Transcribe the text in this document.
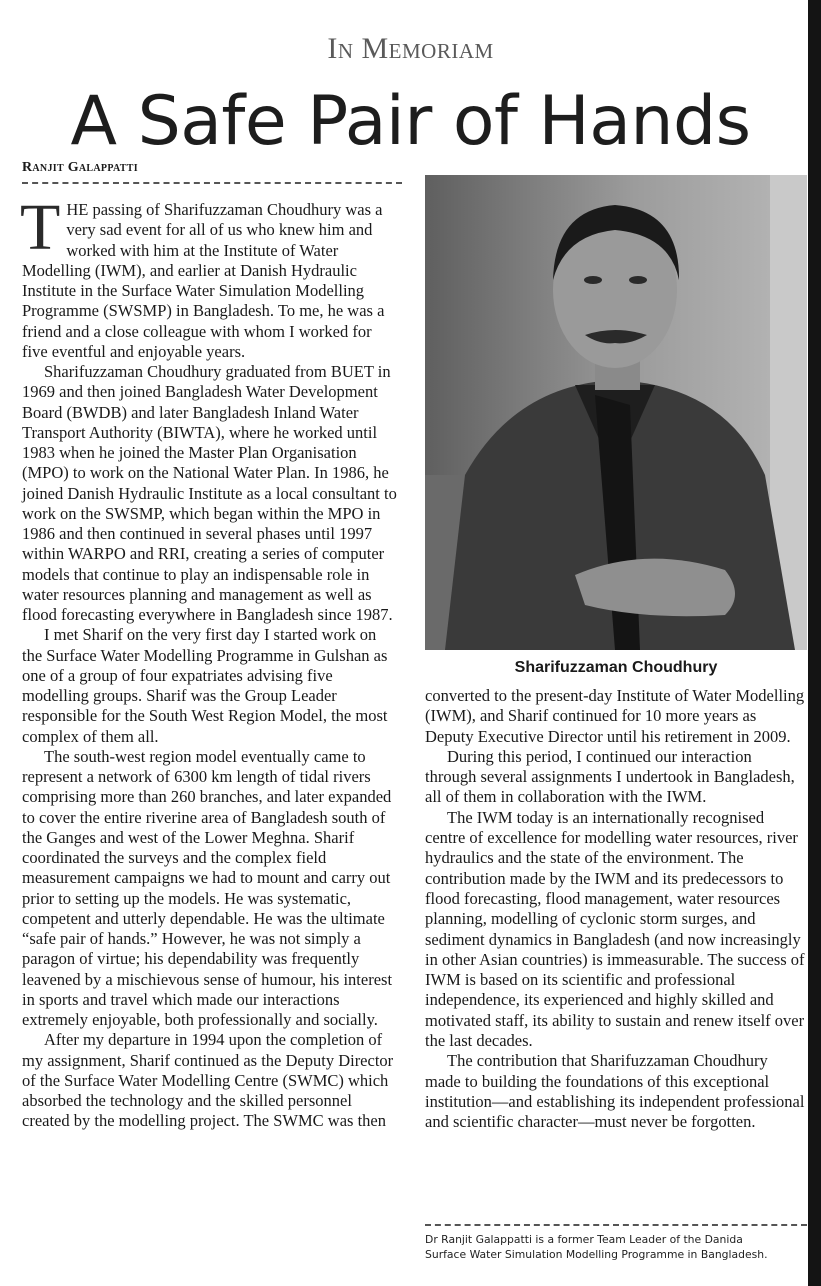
In Memoriam
A Safe Pair of Hands
Ranjit Galappatti

THE passing of Sharifuzzaman Choudhury was a very sad event for all of us who knew him and worked with him at the Institute of Water Modelling (IWM), and earlier at Danish Hydraulic Institute in the Surface Water Simulation Modelling Programme (SWSMP) in Bangladesh. To me, he was a friend and a close colleague with whom I worked for five eventful and enjoyable years.

Sharifuzzaman Choudhury graduated from BUET in 1969 and then joined Bangladesh Water Development Board (BWDB) and later Bangladesh Inland Water Transport Authority (BIWTA), where he worked until 1983 when he joined the Master Plan Organisation (MPO) to work on the National Water Plan. In 1986, he joined Danish Hydraulic Institute as a local consultant to work on the SWSMP, which began within the MPO in 1986 and then continued in several phases until 1997 within WARPO and RRI, creating a series of computer models that continue to play an indispensable role in water resources planning and management as well as flood forecasting everywhere in Bangladesh since 1987.

I met Sharif on the very first day I started work on the Surface Water Modelling Programme in Gulshan as one of a group of four expatriates advising five modelling groups. Sharif was the Group Leader responsible for the South West Region Model, the most complex of them all.

The south-west region model eventually came to represent a network of 6300 km length of tidal rivers comprising more than 260 branches, and later expanded to cover the entire riverine area of Bangladesh south of the Ganges and west of the Lower Meghna. Sharif coordinated the surveys and the complex field measurement campaigns we had to mount and carry out prior to setting up the models. He was systematic, competent and utterly dependable. He was the ultimate “safe pair of hands.” However, he was not simply a paragon of virtue; his dependability was frequently leavened by a mischievous sense of humour, his interest in sports and travel which made our interactions extremely enjoyable, both professionally and socially.

After my departure in 1994 upon the completion of my assignment, Sharif continued as the Deputy Director of the Surface Water Modelling Centre (SWMC) which absorbed the technology and the skilled personnel created by the modelling project. The SWMC was then

Sharifuzzaman Choudhury

converted to the present-day Institute of Water Modelling (IWM), and Sharif continued for 10 more years as Deputy Executive Director until his retirement in 2009.

During this period, I continued our interaction through several assignments I undertook in Bangladesh, all of them in collaboration with the IWM.

The IWM today is an internationally recognised centre of excellence for modelling water resources, river hydraulics and the state of the environment. The contribution made by the IWM and its predecessors to flood forecasting, flood management, water resources planning, modelling of cyclonic storm surges, and sediment dynamics in Bangladesh (and now increasingly in other Asian countries) is immeasurable. The success of IWM is based on its scientific and professional independence, its experienced and highly skilled and motivated staff, its ability to sustain and renew itself over the last decades.

The contribution that Sharifuzzaman Choudhury made to building the foundations of this exceptional institution—and establishing its independent professional and scientific character—must never be forgotten.

Dr Ranjit Galappatti is a former Team Leader of the Danida
Surface Water Simulation Modelling Programme in Bangladesh.
